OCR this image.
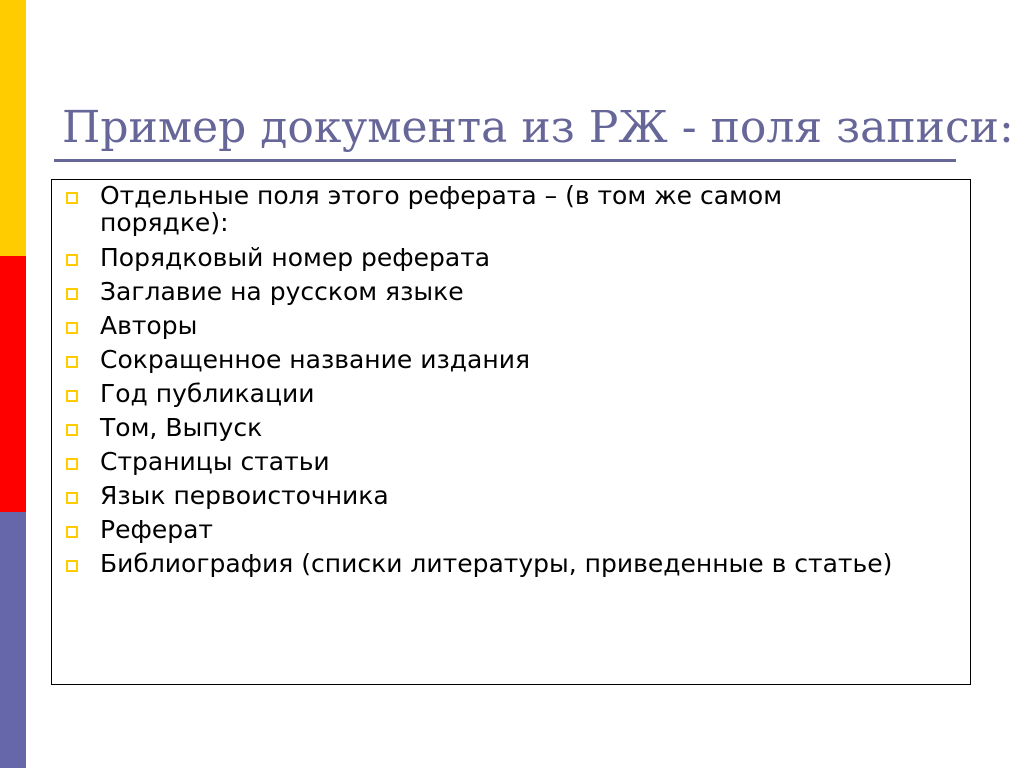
Пример документа из РЖ - поля записи:
Отдельные поля этого реферата – (в том же самом порядке):
Порядковый номер реферата
Заглавие на русском языке
Авторы
Сокращенное название издания
Год публикации
Том, Выпуск
Страницы статьи
Язык первоисточника
Реферат
Библиография (списки литературы, приведенные в статье)
